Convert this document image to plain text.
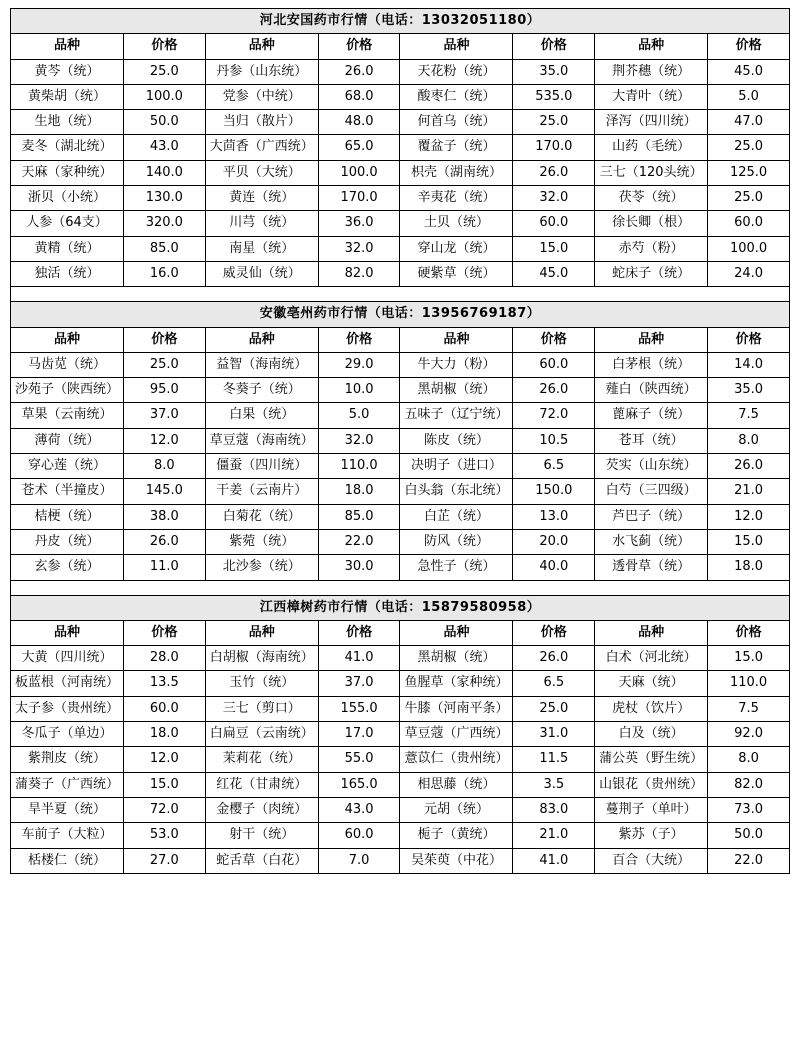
河北安国药市行情（电话：13032051180）							
品种	价格	品种	价格	品种	价格	品种	价格
黄芩（统）	25.0	丹参（山东统）	26.0	天花粉（统）	35.0	荆芥穗（统）	45.0
黄柴胡（统）	100.0	党参（中统）	68.0	酸枣仁（统）	535.0	大青叶（统）	5.0
生地（统）	50.0	当归（散片）	48.0	何首乌（统）	25.0	泽泻（四川统）	47.0
麦冬（湖北统）	43.0	大茴香（广西统）	65.0	覆盆子（统）	170.0	山药（毛统）	25.0
天麻（家种统）	140.0	平贝（大统）	100.0	枳壳（湖南统）	26.0	三七（120头统）	125.0
浙贝（小统）	130.0	黄连（统）	170.0	辛夷花（统）	32.0	茯苓（统）	25.0
人参（64支）	320.0	川芎（统）	36.0	土贝（统）	60.0	徐长卿（根）	60.0
黄精（统）	85.0	南星（统）	32.0	穿山龙（统）	15.0	赤芍（粉）	100.0
独活（统）	16.0	威灵仙（统）	82.0	硬紫草（统）	45.0	蛇床子（统）	24.0

安徽亳州药市行情（电话：13956769187）							
品种	价格	品种	价格	品种	价格	品种	价格
马齿苋（统）	25.0	益智（海南统）	29.0	牛大力（粉）	60.0	白茅根（统）	14.0
沙苑子（陕西统）	95.0	冬葵子（统）	10.0	黑胡椒（统）	26.0	薤白（陕西统）	35.0
草果（云南统）	37.0	白果（统）	5.0	五味子（辽宁统）	72.0	蓖麻子（统）	7.5
薄荷（统）	12.0	草豆蔻（海南统）	32.0	陈皮（统）	10.5	苍耳（统）	8.0
穿心莲（统）	8.0	僵蚕（四川统）	110.0	决明子（进口）	6.5	芡实（山东统）	26.0
苍术（半撞皮）	145.0	干姜（云南片）	18.0	白头翁（东北统）	150.0	白芍（三四级）	21.0
桔梗（统）	38.0	白菊花（统）	85.0	白芷（统）	13.0	芦巴子（统）	12.0
丹皮（统）	26.0	紫菀（统）	22.0	防风（统）	20.0	水飞蓟（统）	15.0
玄参（统）	11.0	北沙参（统）	30.0	急性子（统）	40.0	透骨草（统）	18.0

江西樟树药市行情（电话：15879580958）							
品种	价格	品种	价格	品种	价格	品种	价格
大黄（四川统）	28.0	白胡椒（海南统）	41.0	黑胡椒（统）	26.0	白术（河北统）	15.0
板蓝根（河南统）	13.5	玉竹（统）	37.0	鱼腥草（家种统）	6.5	天麻（统）	110.0
太子参（贵州统）	60.0	三七（剪口）	155.0	牛膝（河南平条）	25.0	虎杖（饮片）	7.5
冬瓜子（单边）	18.0	白扁豆（云南统）	17.0	草豆蔻（广西统）	31.0	白及（统）	92.0
紫荆皮（统）	12.0	茉莉花（统）	55.0	薏苡仁（贵州统）	11.5	蒲公英（野生统）	8.0
蒲葵子（广西统）	15.0	红花（甘肃统）	165.0	相思藤（统）	3.5	山银花（贵州统）	82.0
旱半夏（统）	72.0	金樱子（肉统）	43.0	元胡（统）	83.0	蔓荆子（单叶）	73.0
车前子（大粒）	53.0	射干（统）	60.0	栀子（黄统）	21.0	紫苏（子）	50.0
栝楼仁（统）	27.0	蛇舌草（白花）	7.0	吴茱萸（中花）	41.0	百合（大统）	22.0
